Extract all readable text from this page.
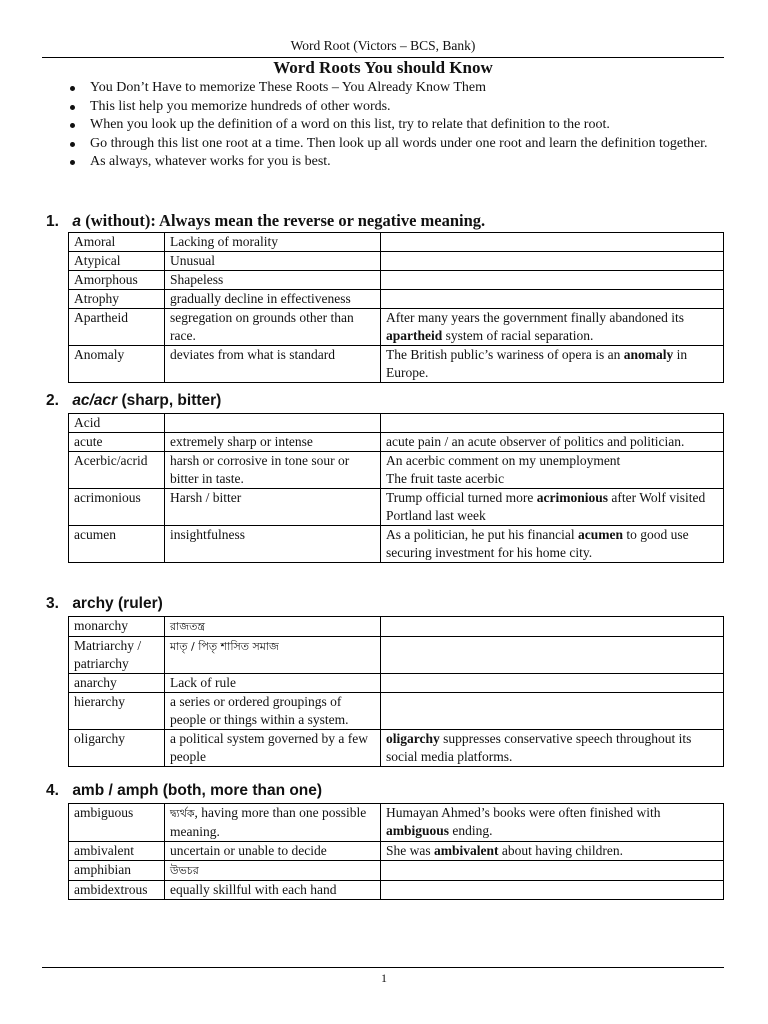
Word Root (Victors – BCS, Bank)
Word Roots You should Know
You Don’t Have to memorize These Roots – You Already Know Them
This list help you memorize hundreds of other words.
When you look up the definition of a word on this list, try to relate that definition to the root.
Go through this list one root at a time. Then look up all words under one root and learn the definition together.
As always, whatever works for you is best.
1. a (without): Always mean the reverse or negative meaning.
Amoral	Lacking of morality	
Atypical	Unusual	
Amorphous	Shapeless	
Atrophy	gradually decline in effectiveness	
Apartheid	segregation on grounds other than race.	After many years the government finally abandoned its apartheid system of racial separation.
Anomaly	deviates from what is standard	The British public’s wariness of opera is an anomaly in Europe.
2. ac/acr (sharp, bitter)
Acid		
acute	extremely sharp or intense	acute pain / an acute observer of politics and politician.
Acerbic/acrid	harsh or corrosive in tone sour or bitter in taste.	An acerbic comment on my unemployment
The fruit taste acerbic
acrimonious	Harsh / bitter	Trump official turned more acrimonious after Wolf visited Portland last week
acumen	insightfulness	As a politician, he put his financial acumen to good use securing investment for his home city.
3. archy (ruler)
monarchy	রাজতন্ত্র	
Matriarchy / patriarchy	মাতৃ / পিতৃ শাসিত সমাজ	
anarchy	Lack of rule	
hierarchy	a series or ordered groupings of people or things within a system.	
oligarchy	a political system governed by a few people	oligarchy suppresses conservative speech throughout its social media platforms.
4. amb / amph (both, more than one)
ambiguous	দ্ব্যর্থক, having more than one possible meaning.	Humayan Ahmed’s books were often finished with ambiguous ending.
ambivalent	uncertain or unable to decide	She was ambivalent about having children.
amphibian	উভচর	
ambidextrous	equally skillful with each hand	
1
